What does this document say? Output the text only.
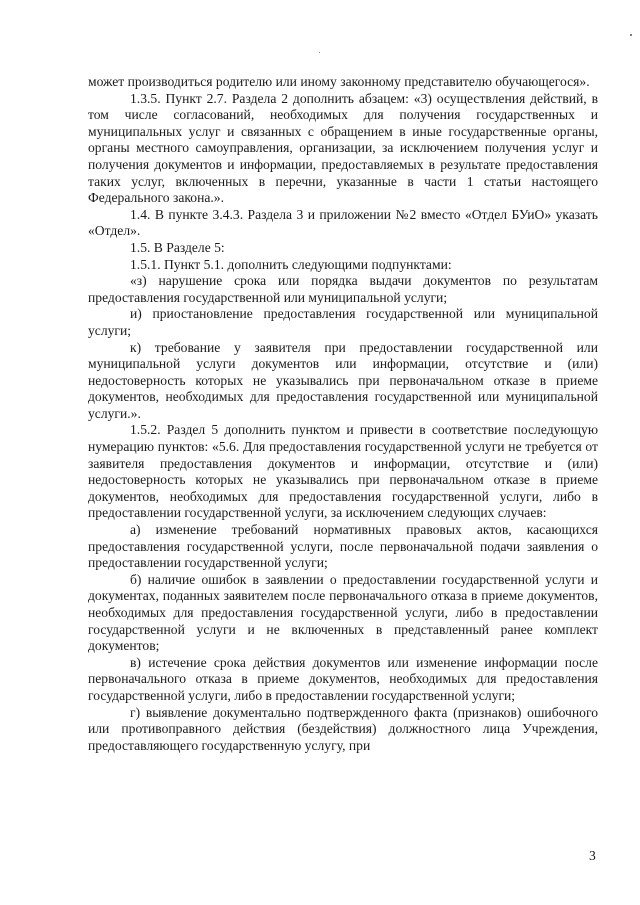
может производиться родителю или иному законному представителю обучающегося».

1.3.5. Пункт 2.7. Раздела 2 дополнить абзацем: «3) осуществления действий, в том числе согласований, необходимых для получения государственных и муниципальных услуг и связанных с обращением в иные государственные органы, органы местного самоуправления, организации, за исключением получения услуг и получения документов и информации, предоставляемых в результате предоставления таких услуг, включенных в перечни, указанные в части 1 статьи настоящего Федерального закона.».

1.4. В пункте 3.4.3. Раздела 3 и приложении №2 вместо «Отдел БУиО» указать «Отдел».

1.5. В Разделе 5:

1.5.1. Пункт 5.1. дополнить следующими подпунктами:

«з) нарушение срока или порядка выдачи документов по результатам предоставления государственной или муниципальной услуги;

и) приостановление предоставления государственной или муниципальной услуги;

к) требование у заявителя при предоставлении государственной или муниципальной услуги документов или информации, отсутствие и (или) недостоверность которых не указывались при первоначальном отказе в приеме документов, необходимых для предоставления государственной или муниципальной услуги.».

1.5.2. Раздел 5 дополнить пунктом и привести в соответствие последующую нумерацию пунктов: «5.6. Для предоставления государственной услуги не требуется от заявителя предоставления документов и информации, отсутствие и (или) недостоверность которых не указывались при первоначальном отказе в приеме документов, необходимых для предоставления государственной услуги, либо в предоставлении государственной услуги, за исключением следующих случаев:

а) изменение требований нормативных правовых актов, касающихся предоставления государственной услуги, после первоначальной подачи заявления о предоставлении государственной услуги;

б) наличие ошибок в заявлении о предоставлении государственной услуги и документах, поданных заявителем после первоначального отказа в приеме документов, необходимых для предоставления государственной услуги, либо в предоставлении государственной услуги и не включенных в представленный ранее комплект документов;

в) истечение срока действия документов или изменение информации после первоначального отказа в приеме документов, необходимых для предоставления государственной услуги, либо в предоставлении государственной услуги;

г) выявление документально подтвержденного факта (признаков) ошибочного или противоправного действия (бездействия) должностного лица Учреждения, предоставляющего государственную услугу, при

3
